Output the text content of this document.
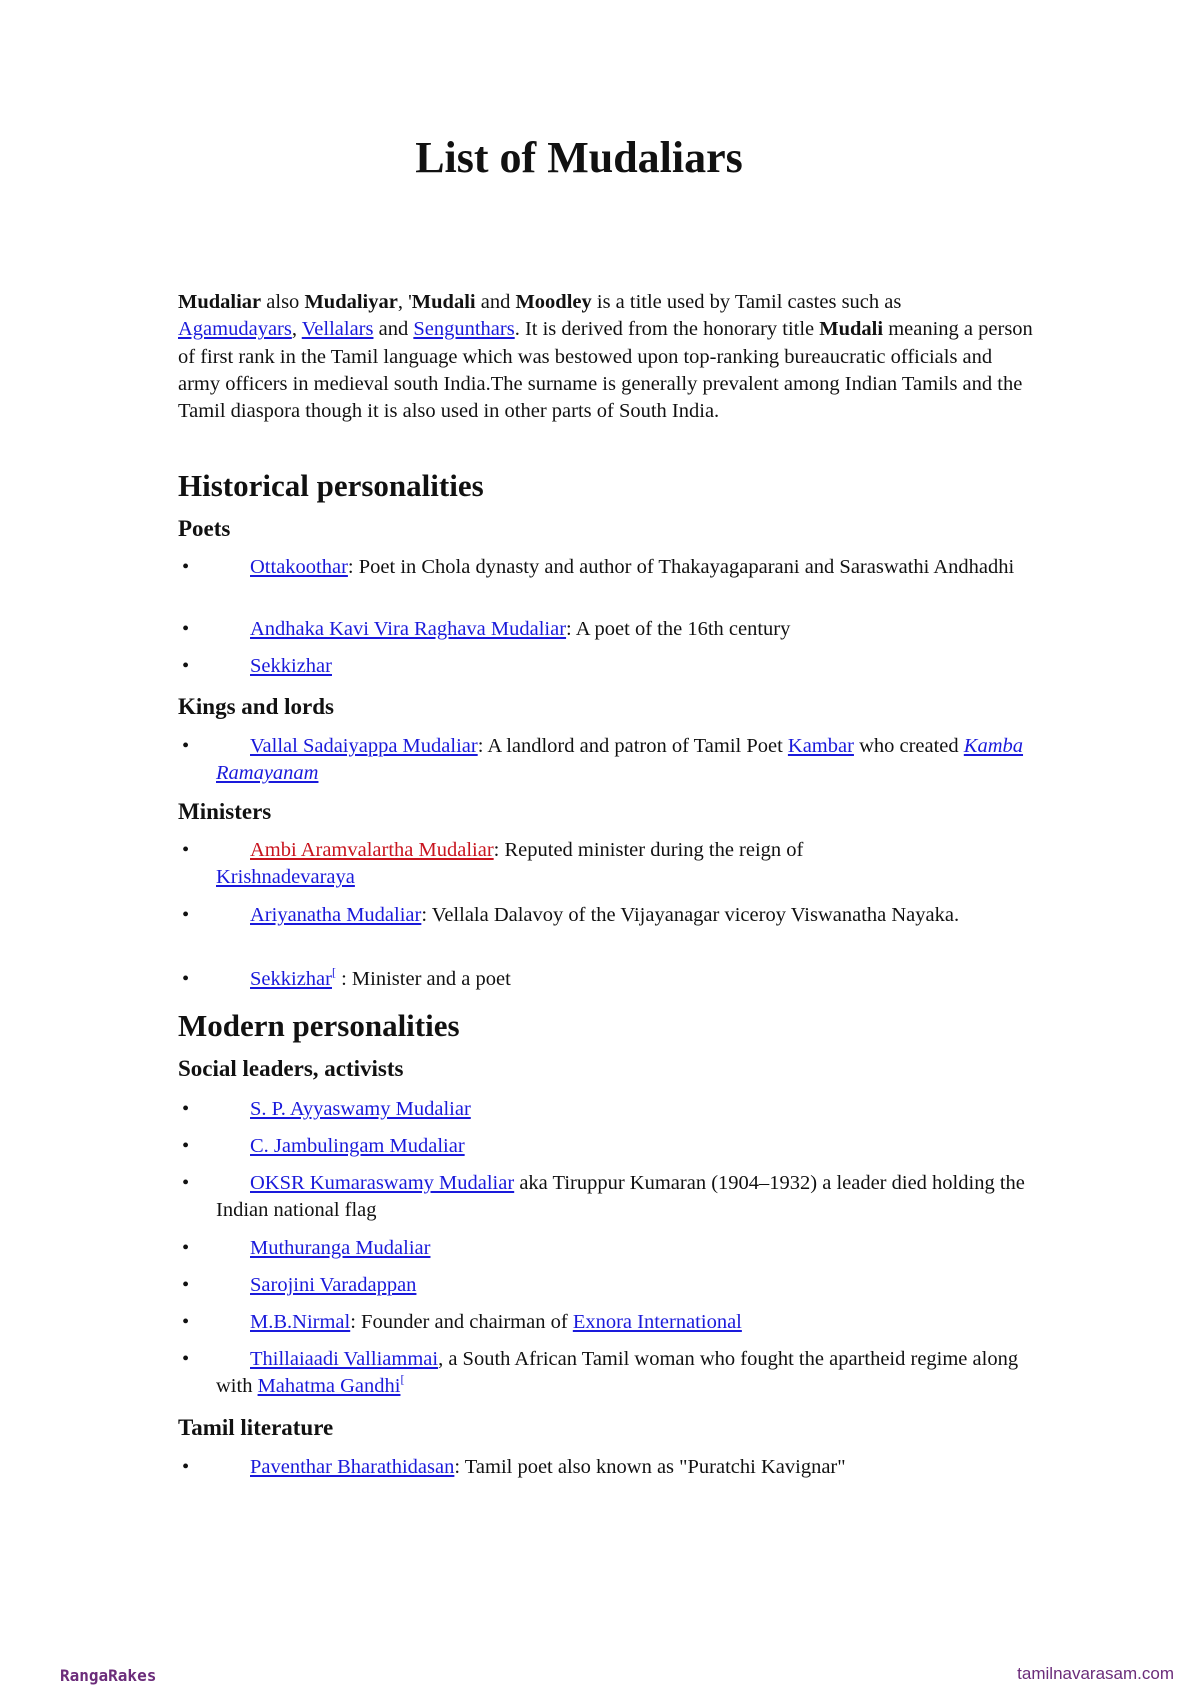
List of Mudaliars

Mudaliar also Mudaliyar, 'Mudali and Moodley is a title used by Tamil castes such as
Agamudayars, Vellalars and Sengunthars. It is derived from the honorary title Mudali meaning a person of first rank in the Tamil language which was bestowed upon top-ranking bureaucratic officials and army officers in medieval south India.The surname is generally prevalent among Indian Tamils and the Tamil diaspora though it is also used in other parts of South India.

Historical personalities
Poets
•	Ottakoothar: Poet in Chola dynasty and author of Thakayagaparani and Saraswathi Andhadhi
•	Andhaka Kavi Vira Raghava Mudaliar: A poet of the 16th century
•	Sekkizhar
Kings and lords
•	Vallal Sadaiyappa Mudaliar: A landlord and patron of Tamil Poet Kambar who created Kamba Ramayanam
Ministers
•	Ambi Aramvalartha Mudaliar: Reputed minister during the reign of
Krishnadevaraya
•	Ariyanatha Mudaliar: Vellala Dalavoy of the Vijayanagar viceroy Viswanatha Nayaka.
•	Sekkizhar[ : Minister and a poet
Modern personalities
Social leaders, activists
•	S. P. Ayyaswamy Mudaliar
•	C. Jambulingam Mudaliar
•	OKSR Kumaraswamy Mudaliar aka Tiruppur Kumaran (1904–1932) a leader died holding the Indian national flag
•	Muthuranga Mudaliar
•	Sarojini Varadappan
•	M.B.Nirmal: Founder and chairman of Exnora International
•	Thillaiaadi Valliammai, a South African Tamil woman who fought the apartheid regime along with Mahatma Gandhi[
Tamil literature
•	Paventhar Bharathidasan: Tamil poet also known as "Puratchi Kavignar"
RangaRakes	tamilnavarasam.com
